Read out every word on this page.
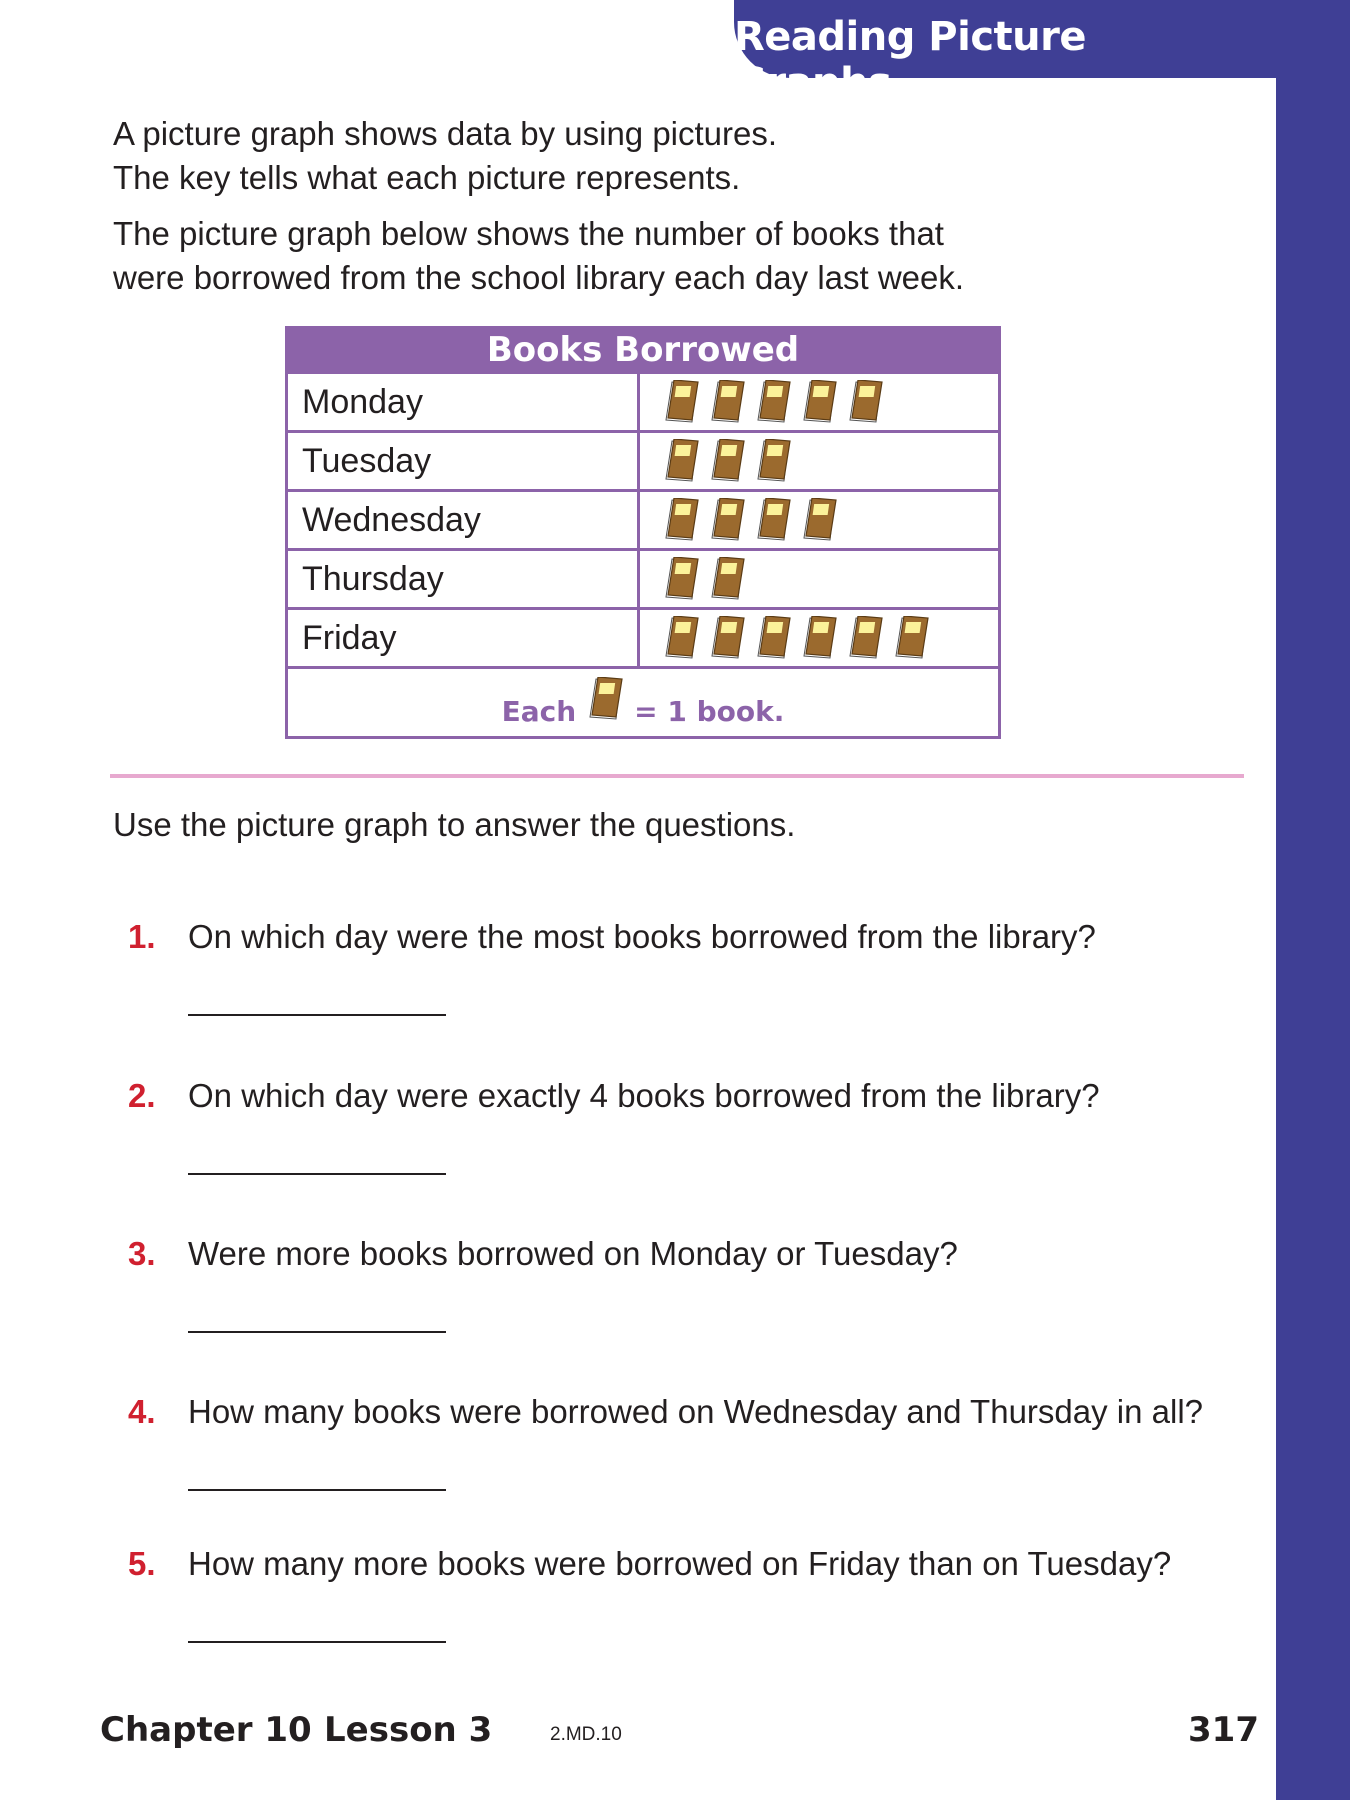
Reading Picture Graphs
A picture graph shows data by using pictures.
The key tells what each picture represents.
The picture graph below shows the number of books that
were borrowed from the school library each day last week.
Books Borrowed
Monday
Tuesday
Wednesday
Thursday
Friday
Each = 1 book.
Use the picture graph to answer the questions.
1. On which day were the most books borrowed from the library?
2. On which day were exactly 4 books borrowed from the library?
3. Were more books borrowed on Monday or Tuesday?
4. How many books were borrowed on Wednesday and Thursday in all?
5. How many more books were borrowed on Friday than on Tuesday?
Chapter 10 Lesson 3	2.MD.10	317
